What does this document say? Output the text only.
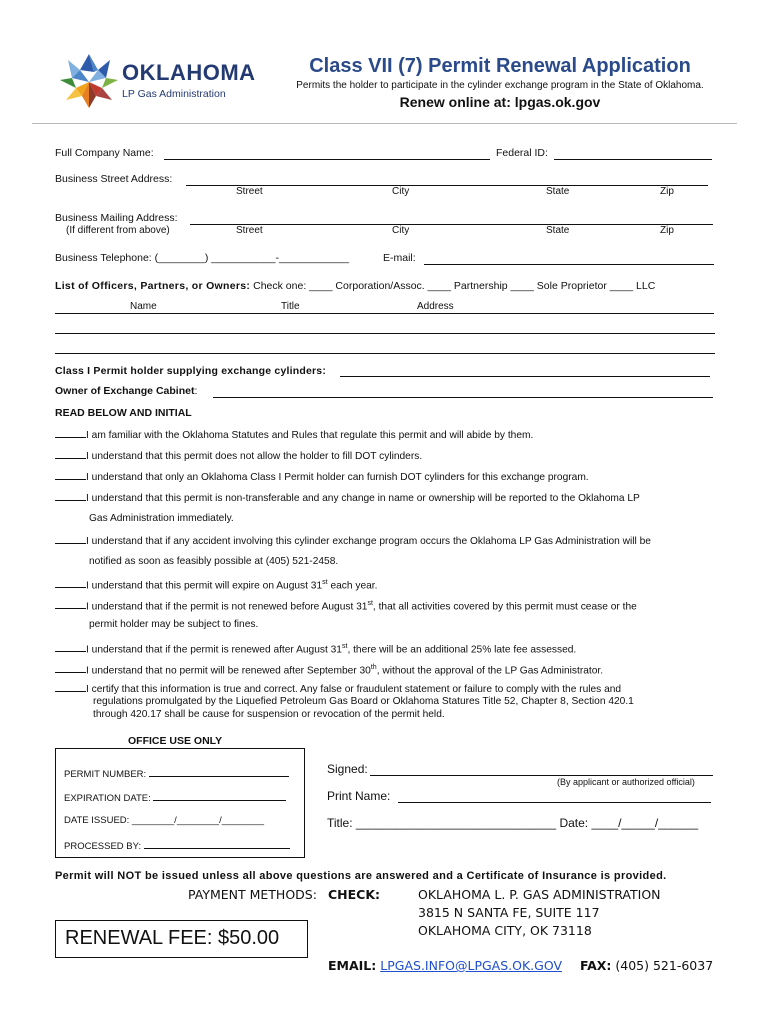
OKLAHOMA
LP Gas Administration
Class VII (7) Permit Renewal Application
Permits the holder to participate in the cylinder exchange program in the State of Oklahoma.
Renew online at: lpgas.ok.gov
Full Company Name:	Federal ID:
Business Street Address:
Street	City	State	Zip
Business Mailing Address:
(If different from above)	Street	City	State	Zip
Business Telephone: (________) ___________-____________	E-mail:
List of Officers, Partners, or Owners: Check one: ____ Corporation/Assoc. ____ Partnership ____ Sole Proprietor ____ LLC
Name	Title	Address
Class I Permit holder supplying exchange cylinders:
Owner of Exchange Cabinet:
READ BELOW AND INITIAL
I am familiar with the Oklahoma Statutes and Rules that regulate this permit and will abide by them.
I understand that this permit does not allow the holder to fill DOT cylinders.
I understand that only an Oklahoma Class I Permit holder can furnish DOT cylinders for this exchange program.
I understand that this permit is non-transferable and any change in name or ownership will be reported to the Oklahoma LP
Gas Administration immediately.
I understand that if any accident involving this cylinder exchange program occurs the Oklahoma LP Gas Administration will be
notified as soon as feasibly possible at (405) 521-2458.
I understand that this permit will expire on August 31st each year.
I understand that if the permit is not renewed before August 31st, that all activities covered by this permit must cease or the
permit holder may be subject to fines.
I understand that if the permit is renewed after August 31st, there will be an additional 25% late fee assessed.
I understand that no permit will be renewed after September 30th, without the approval of the LP Gas Administrator.
I certify that this information is true and correct. Any false or fraudulent statement or failure to comply with the rules and
regulations promulgated by the Liquefied Petroleum Gas Board or Oklahoma Statures Title 52, Chapter 8, Section 420.1
through 420.17 shall be cause for suspension or revocation of the permit held.
OFFICE USE ONLY
PERMIT NUMBER:
EXPIRATION DATE:
DATE ISSUED: ________/________/________
PROCESSED BY:
Signed:
(By applicant or authorized official)
Print Name:
Title: ______________________________ Date: ____/_____/______
Permit will NOT be issued unless all above questions are answered and a Certificate of Insurance is provided.
PAYMENT METHODS: CHECK:	OKLAHOMA L. P. GAS ADMINISTRATION
3815 N SANTA FE, SUITE 117
OKLAHOMA CITY, OK 73118
RENEWAL FEE: $50.00
EMAIL: LPGAS.INFO@LPGAS.OK.GOV FAX: (405) 521-6037
